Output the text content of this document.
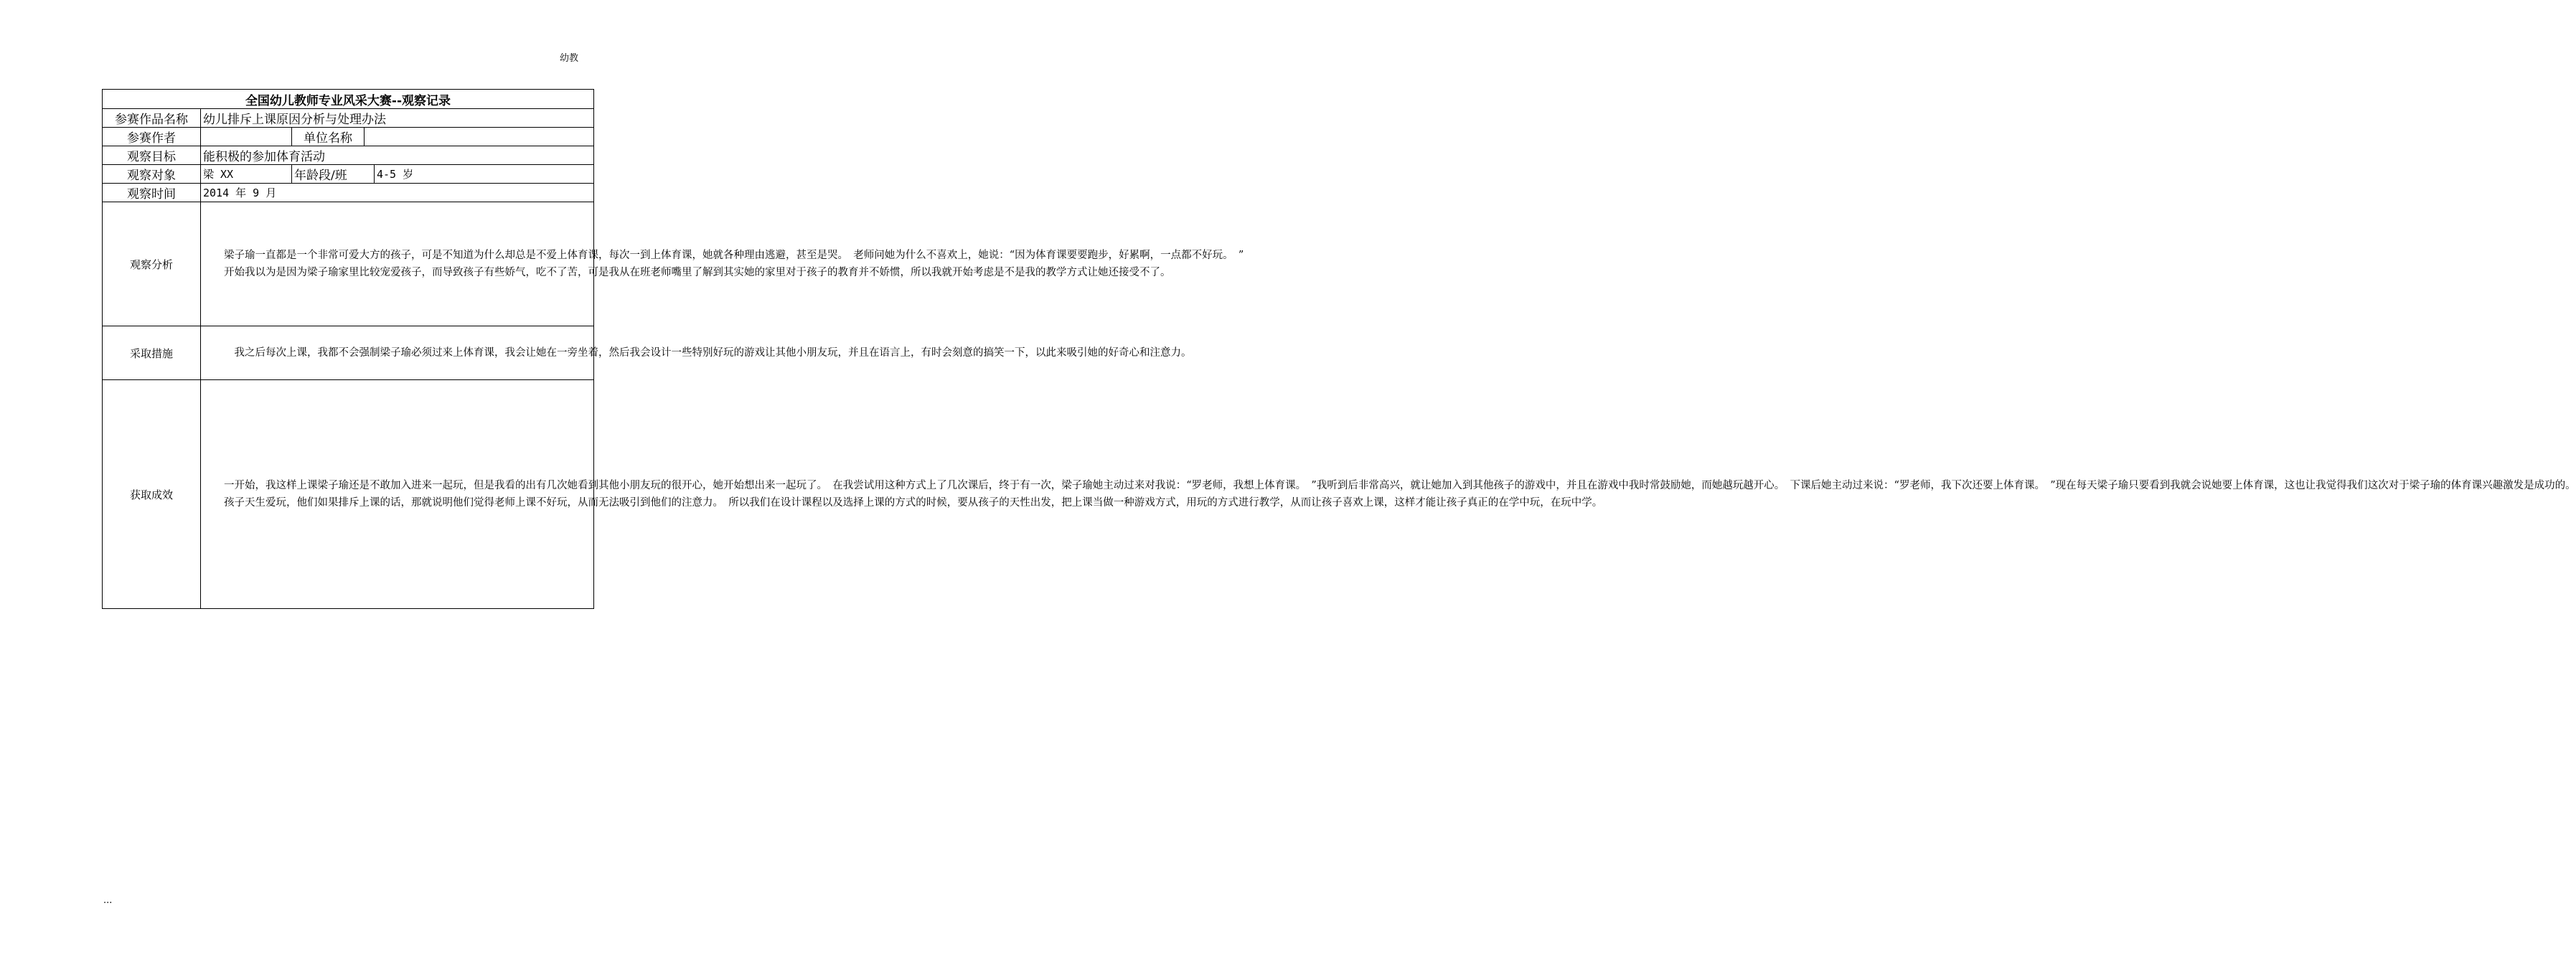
幼教
全国幼儿教师专业风采大赛--观察记录				
参赛作品名称	幼儿排斥上课原因分析与处理办法			
参赛作者		单位名称		
观察目标	能积极的参加体育活动			
观察对象	梁 XX	年龄段/班		4-5 岁
观察时间	2014 年 9 月			
观察分析	梁子瑜一直都是一个非常可爱大方的孩子，可是不知道为什么却总是不爱上体育课，每次一到上体育课，她就各种理由逃避，甚至是哭。　老师问她为什么不喜欢上，她说：“因为体育课要要跑步，好累啊，一点都不好玩。　”

开始我以为是因为梁子瑜家里比较宠爱孩子，而导致孩子有些娇气，吃不了苦，可是我从在班老师嘴里了解到其实她的家里对于孩子的教育并不娇惯，所以我就开始考虑是不是我的教学方式让她还接受不了。			

采取措施	　我之后每次上课，我都不会强制梁子瑜必须过来上体育课，我会让她在一旁坐着，然后我会设计一些特别好玩的游戏让其他小朋友玩，并且在语言上，有时会刻意的搞笑一下，以此来吸引她的好奇心和注意力。			

获取成效	一开始，我这样上课梁子瑜还是不敢加入进来一起玩，但是我看的出有几次她看到其他小朋友玩的很开心，她开始想出来一起玩了。　在我尝试用这种方式上了几次课后，终于有一次，梁子瑜她主动过来对我说：“罗老师，我想上体育课。　”我听到后非常高兴，就让她加入到其他孩子的游戏中，并且在游戏中我时常鼓励她，而她越玩越开心。　下课后她主动过来说：“罗老师，我下次还要上体育课。　”现在每天梁子瑜只要看到我就会说她要上体育课，这也让我觉得我们这次对于梁子瑜的体育课兴趣激发是成功的。

孩子天生爱玩，他们如果排斥上课的话，那就说明他们觉得老师上课不好玩，从而无法吸引到他们的注意力。　所以我们在设计课程以及选择上课的方式的时候，要从孩子的天性出发，把上课当做一种游戏方式，用玩的方式进行教学，从而让孩子喜欢上课，这样才能让孩子真正的在学中玩，在玩中学。			

...
